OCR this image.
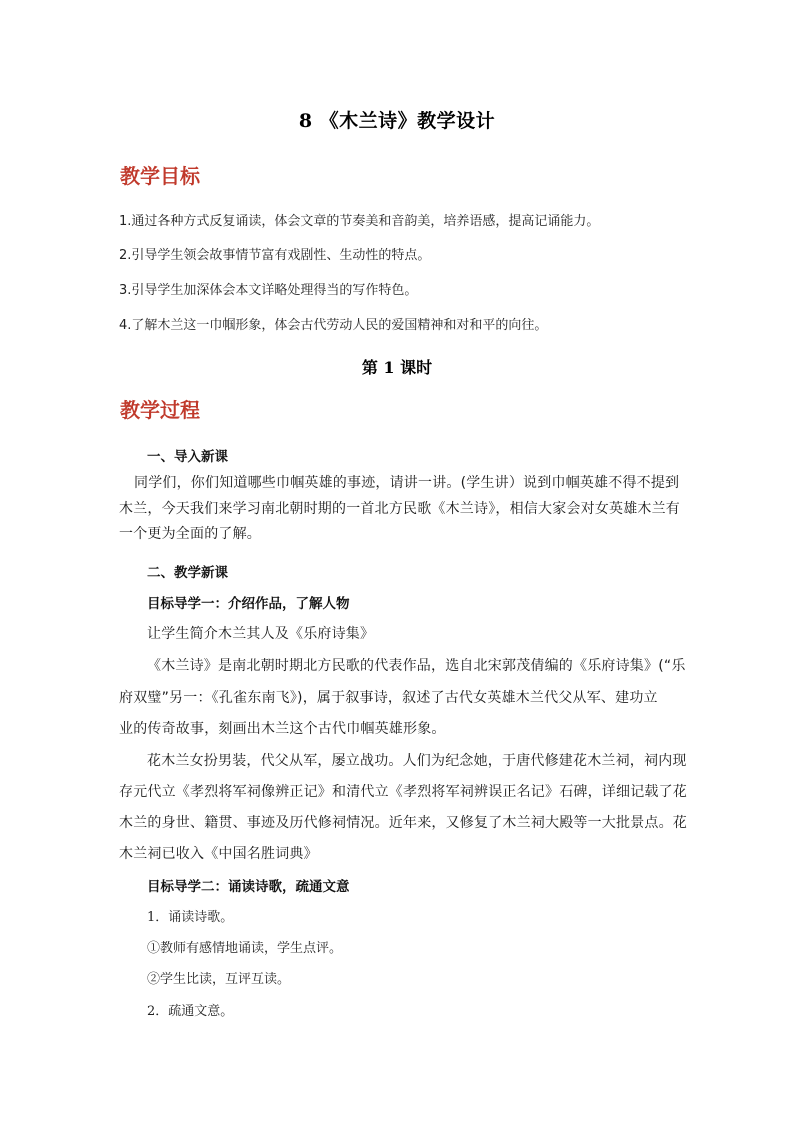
8 《木兰诗》教学设计
教学目标
1.通过各种方式反复诵读，体会文章的节奏美和音韵美，培养语感，提高记诵能力。
2.引导学生领会故事情节富有戏剧性、生动性的特点。
3.引导学生加深体会本文详略处理得当的写作特色。
4.了解木兰这一巾帼形象，体会古代劳动人民的爱国精神和对和平的向往。
第 1 课时
教学过程
一、导入新课
同学们，你们知道哪些巾帼英雄的事迹，请讲一讲。(学生讲）说到巾帼英雄不得不提到
木兰，今天我们来学习南北朝时期的一首北方民歌《木兰诗》，相信大家会对女英雄木兰有
一个更为全面的了解。
二、教学新课
目标导学一：介绍作品，了解人物
让学生简介木兰其人及《乐府诗集》
《木兰诗》是南北朝时期北方民歌的代表作品，选自北宋郭茂倩编的《乐府诗集》(“乐
府双璧”另一：《孔雀东南飞》)，属于叙事诗，叙述了古代女英雄木兰代父从军、建功立
业的传奇故事，刻画出木兰这个古代巾帼英雄形象。
花木兰女扮男装，代父从军，屡立战功。人们为纪念她，于唐代修建花木兰祠，祠内现
存元代立《孝烈将军祠像辨正记》和清代立《孝烈将军祠辨误正名记》石碑，详细记载了花
木兰的身世、籍贯、事迹及历代修祠情况。近年来，又修复了木兰祠大殿等一大批景点。花
木兰祠已收入《中国名胜词典》
目标导学二：诵读诗歌，疏通文意
1．诵读诗歌。
①教师有感情地诵读，学生点评。
②学生比读，互评互读。
2．疏通文意。
